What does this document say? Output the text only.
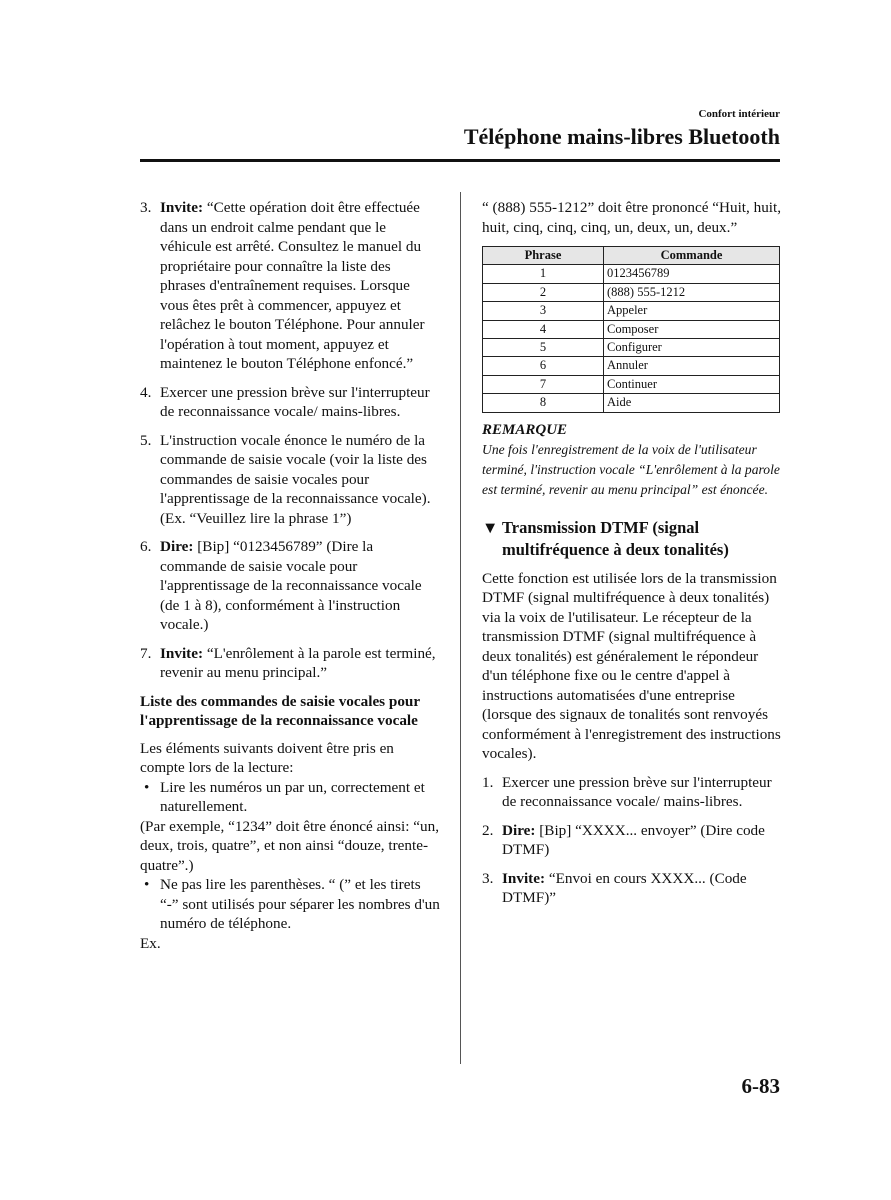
Confort intérieur
Téléphone mains-libres Bluetooth
3. Invite: “Cette opération doit être effectuée dans un endroit calme pendant que le véhicule est arrêté. Consultez le manuel du propriétaire pour connaître la liste des phrases d'entraînement requises. Lorsque vous êtes prêt à commencer, appuyez et relâchez le bouton Téléphone. Pour annuler l'opération à tout moment, appuyez et maintenez le bouton Téléphone enfoncé.”
4. Exercer une pression brève sur l'interrupteur de reconnaissance vocale/ mains-libres.
5. L'instruction vocale énonce le numéro de la commande de saisie vocale (voir la liste des commandes de saisie vocales pour l'apprentissage de la reconnaissance vocale). (Ex. “Veuillez lire la phrase 1”)
6. Dire: [Bip] “0123456789” (Dire la commande de saisie vocale pour l'apprentissage de la reconnaissance vocale (de 1 à 8), conformément à l'instruction vocale.)
7. Invite: “L'enrôlement à la parole est terminé, revenir au menu principal.”

Liste des commandes de saisie vocales pour l'apprentissage de la reconnaissance vocale

Les éléments suivants doivent être pris en compte lors de la lecture:

• Lire les numéros un par un, correctement et naturellement.

(Par exemple, “1234” doit être énoncé ainsi: “un, deux, trois, quatre”, et non ainsi “douze, trente-quatre”.)

• Ne pas lire les parenthèses. “ (” et les tirets “-” sont utilisés pour séparer les nombres d'un numéro de téléphone.

Ex.

“ (888) 555-1212” doit être prononcé “Huit, huit, huit, cinq, cinq, cinq, un, deux, un, deux.”

Phrase	Commande
1	0123456789
2	(888) 555-1212
3	Appeler
4	Composer
5	Configurer
6	Annuler
7	Continuer
8	Aide
REMARQUE

Une fois l'enregistrement de la voix de l'utilisateur terminé, l'instruction vocale “L'enrôlement à la parole est terminé, revenir au menu principal” est énoncée.

▼ Transmission DTMF (signal multifréquence à deux tonalités)

Cette fonction est utilisée lors de la transmission DTMF (signal multifréquence à deux tonalités) via la voix de l'utilisateur. Le récepteur de la transmission DTMF (signal multifréquence à deux tonalités) est généralement le répondeur d'un téléphone fixe ou le centre d'appel à instructions automatisées d'une entreprise (lorsque des signaux de tonalités sont renvoyés conformément à l'enregistrement des instructions vocales).

1. Exercer une pression brève sur l'interrupteur de reconnaissance vocale/ mains-libres.
2. Dire: [Bip] “XXXX... envoyer” (Dire code DTMF)
3. Invite: “Envoi en cours XXXX... (Code DTMF)”
6-83
